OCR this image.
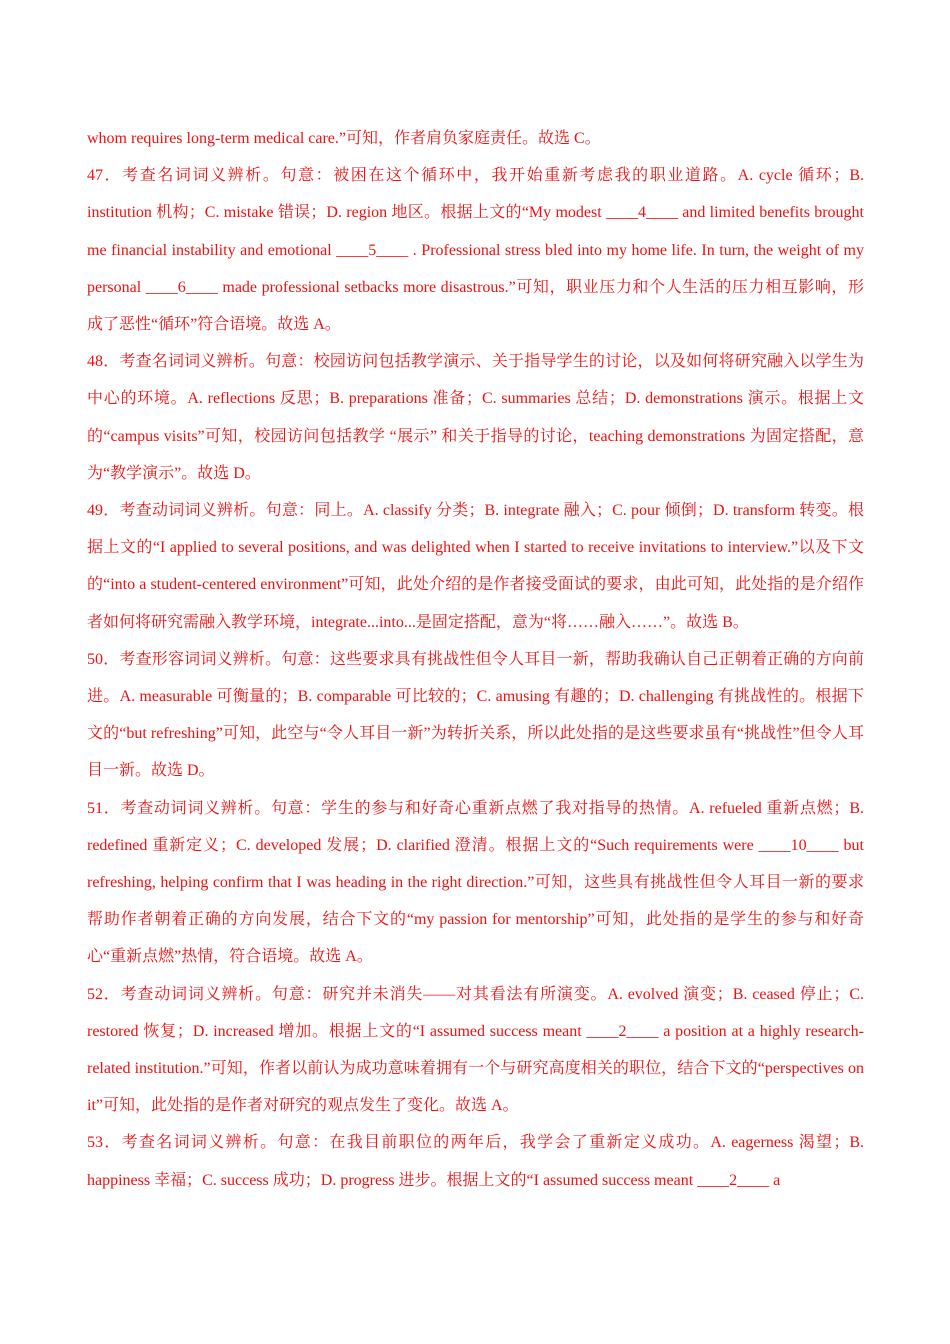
whom requires long-term medical care.”可知，作者肩负家庭责任。故选 C。

47．考查名词词义辨析。句意：被困在这个循环中，我开始重新考虑我的职业道路。A. cycle 循环；B. institution 机构；C. mistake 错误；D. region 地区。根据上文的“My modest ____4____ and limited benefits brought me financial instability and emotional ____5____ . Professional stress bled into my home life. In turn, the weight of my personal ____6____ made professional setbacks more disastrous.”可知，职业压力和个人生活的压力相互影响，形成了恶性“循环”符合语境。故选 A。

48．考查名词词义辨析。句意：校园访问包括教学演示、关于指导学生的讨论，以及如何将研究融入以学生为中心的环境。A. reflections 反思；B. preparations 准备；C. summaries 总结；D. demonstrations 演示。根据上文的“campus visits”可知，校园访问包括教学 “展示” 和关于指导的讨论，teaching demonstrations 为固定搭配，意为“教学演示”。故选 D。

49．考查动词词义辨析。句意：同上。A. classify 分类；B. integrate 融入；C. pour 倾倒；D. transform 转变。根据上文的“I applied to several positions, and was delighted when I started to receive invitations to interview.”以及下文的“into a student-centered environment”可知，此处介绍的是作者接受面试的要求，由此可知，此处指的是介绍作者如何将研究需融入教学环境，integrate...into...是固定搭配，意为“将……融入……”。故选 B。

50．考查形容词词义辨析。句意：这些要求具有挑战性但令人耳目一新，帮助我确认自己正朝着正确的方向前进。A. measurable 可衡量的；B. comparable 可比较的；C. amusing 有趣的；D. challenging 有挑战性的。根据下文的“but refreshing”可知，此空与“令人耳目一新”为转折关系，所以此处指的是这些要求虽有“挑战性”但令人耳目一新。故选 D。

51．考查动词词义辨析。句意：学生的参与和好奇心重新点燃了我对指导的热情。A. refueled 重新点燃；B. redefined 重新定义；C. developed 发展；D. clarified 澄清。根据上文的“Such requirements were ____10____ but refreshing, helping confirm that I was heading in the right direction.”可知，这些具有挑战性但令人耳目一新的要求帮助作者朝着正确的方向发展，结合下文的“my passion for mentorship”可知，此处指的是学生的参与和好奇心“重新点燃”热情，符合语境。故选 A。

52．考查动词词义辨析。句意：研究并未消失——对其看法有所演变。A. evolved 演变；B. ceased 停止；C. restored 恢复；D. increased 增加。根据上文的“I assumed success meant ____2____ a position at a highly research-related institution.”可知，作者以前认为成功意味着拥有一个与研究高度相关的职位，结合下文的“perspectives on it”可知，此处指的是作者对研究的观点发生了变化。故选 A。

53．考查名词词义辨析。句意：在我目前职位的两年后，我学会了重新定义成功。A. eagerness 渴望；B. happiness 幸福；C. success 成功；D. progress 进步。根据上文的“I assumed success meant ____2____ a
